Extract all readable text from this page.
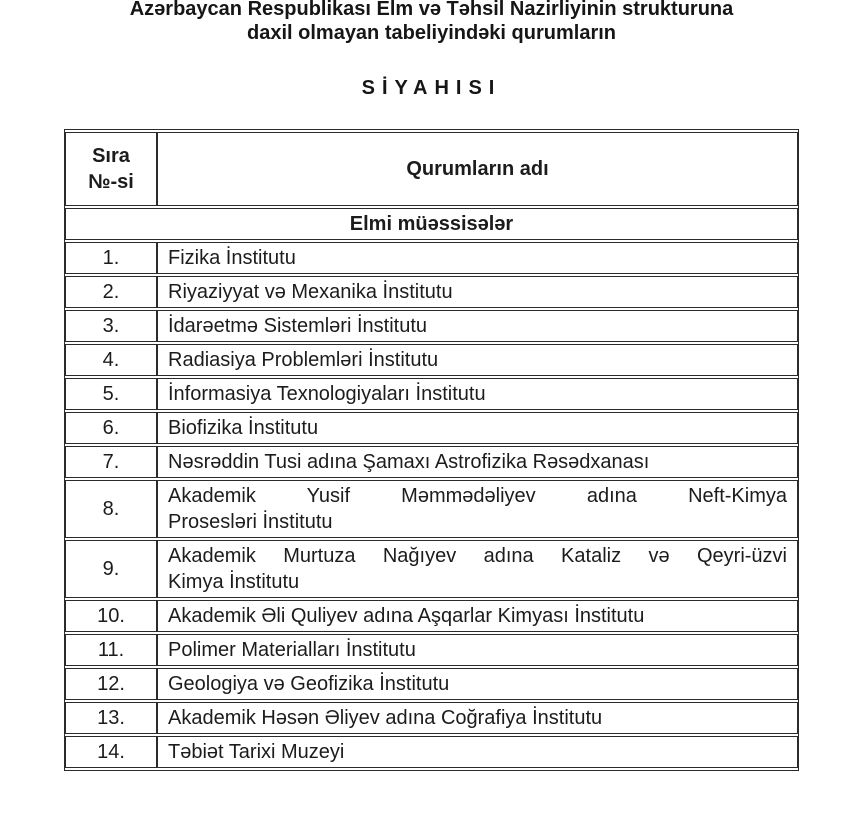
Azərbaycan Respublikası Elm və Təhsil Nazirliyinin strukturuna
daxil olmayan tabeliyindəki qurumların
SİYAHISI
Sıra
№-si	Qurumların adı
Elmi müəssisələr	
1.	Fizika İnstitutu
2.	Riyaziyyat və Mexanika İnstitutu
3.	İdarəetmə Sistemləri İnstitutu
4.	Radiasiya Problemləri İnstitutu
5.	İnformasiya Texnologiyaları İnstitutu
6.	Biofizika İnstitutu
7.	Nəsrəddin Tusi adına Şamaxı Astrofizika Rəsədxanası
8.	Akademik Yusif Məmmədəliyev adına Neft-Kimya
Prosesləri İnstitutu

9.	Akademik Murtuza Nağıyev adına Kataliz və Qeyri-üzvi
Kimya İnstitutu

10.	Akademik Əli Quliyev adına Aşqarlar Kimyası İnstitutu
11.	Polimer Materialları İnstitutu
12.	Geologiya və Geofizika İnstitutu
13.	Akademik Həsən Əliyev adına Coğrafiya İnstitutu
14.	Təbiət Tarixi Muzeyi
